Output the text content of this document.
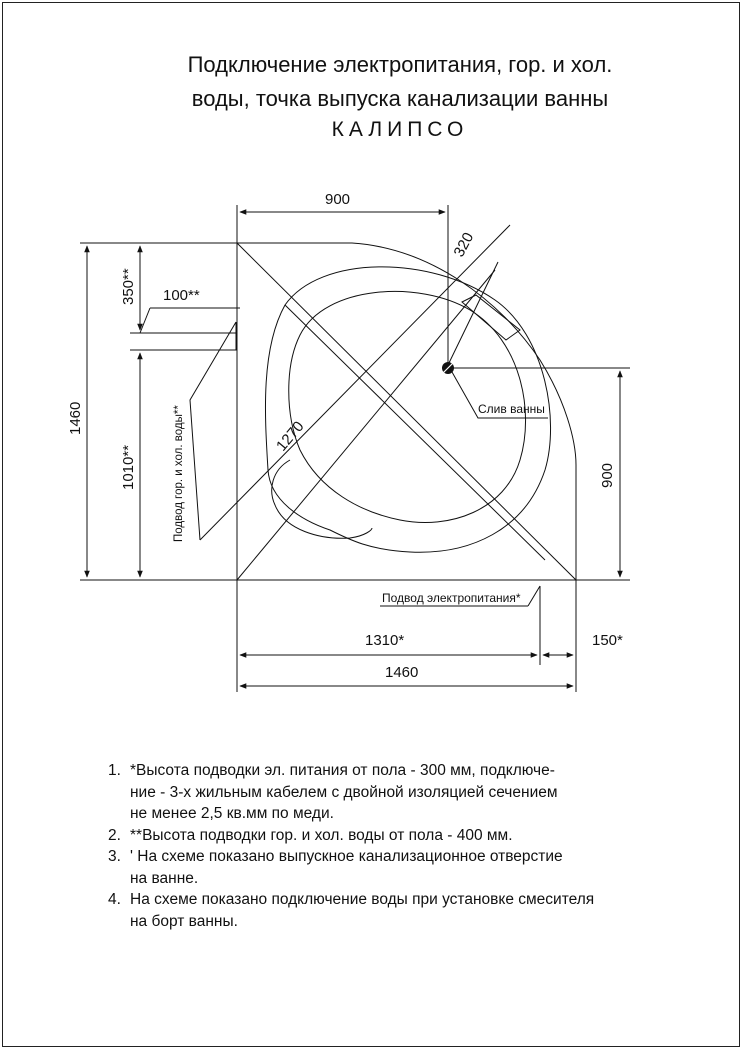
Подключение электропитания, гор. и хол.
воды, точка выпуска канализации ванны
КАЛИПСО
900
320
350** 100**
1460
1010**	Подвод гор. и хол. воды**	1270
Слив ванны
900
Подвод электропитания*
1310*	150*
1460
1. *Высота подводки эл. питания от пола - 300 мм, подключе-
ние - 3-х жильным кабелем с двойной изоляцией сечением
не менее 2,5 кв.мм по меди.
2. **Высота подводки гор. и хол. воды от пола - 400 мм.
3. ' На схеме показано выпускное канализационное отверстие
на ванне.
4. На схеме показано подключение воды при установке смесителя
на борт ванны.
